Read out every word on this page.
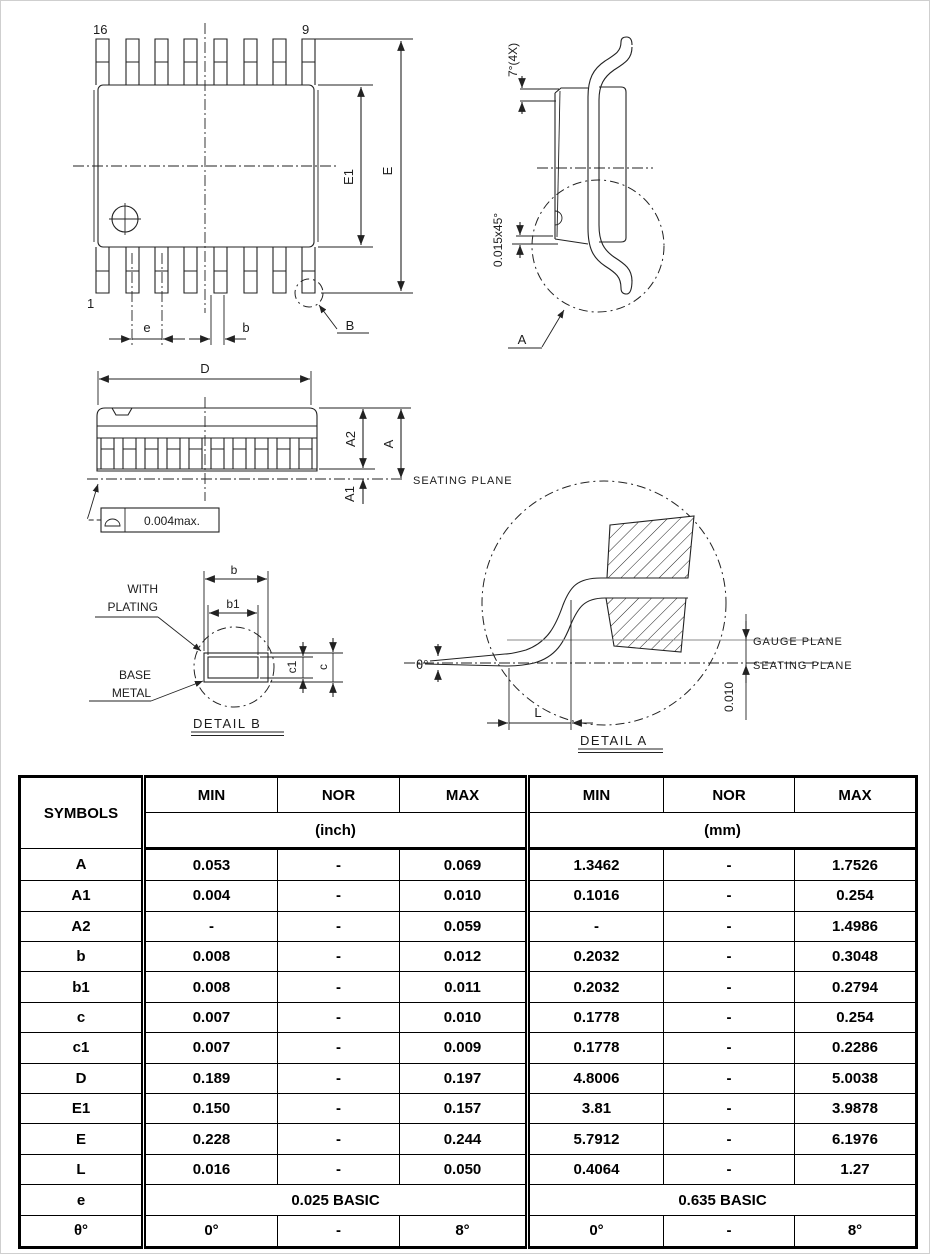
16	9
1
E1 E
e	b	B
7°(4X)
0.015x45°
A
D
A2 A
A1
SEATING PLANE
0.004max.
b
b1
c1 c
WITH
PLATING
BASE
METAL
DETAIL B
θ°
L
0.010
GAUGE PLANE
SEATING PLANE
DETAIL A
SYMBOLS	MIN	NOR	MAX	MIN	NOR	MAX
	(inch)			(mm)		
A	0.053	-	0.069	1.3462	-	1.7526
A1	0.004	-	0.010	0.1016	-	0.254
A2	-	-	0.059	-	-	1.4986
b	0.008	-	0.012	0.2032	-	0.3048
b1	0.008	-	0.011	0.2032	-	0.2794
c	0.007	-	0.010	0.1778	-	0.254
c1	0.007	-	0.009	0.1778	-	0.2286
D	0.189	-	0.197	4.8006	-	5.0038
E1	0.150	-	0.157	3.81	-	3.9878
E	0.228	-	0.244	5.7912	-	6.1976
L	0.016	-	0.050	0.4064	-	1.27
e	0.025 BASIC			0.635 BASIC		
θ°	0°	-	8°	0°	-	8°
